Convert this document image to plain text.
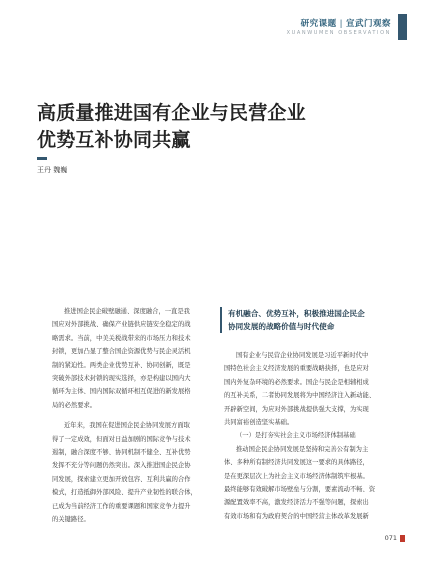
研究课题 | 宣武门观察
XUANWUMEN OBSERVATION
高质量推进国有企业与民营企业
优势互补协同共赢
王丹 魏巍

推进国企民企破壁融通、深度融合，一直是我
国应对外部挑战、确保产业链供应链安全稳定的战
略需求。当前，中美关税战带来的市场压力和技术
封锁，更加凸显了整合国企资源优势与民企灵活机
制的紧迫性。两类企业优势互补、协同创新，既是
突破外部技术封锁的现实选择，亦是构建以国内大
循环为主体、国内国际双循环相互促进的新发展格
局的必然要求。

近年来，我国在促进国企民企协同发展方面取
得了一定成效，但面对日益加剧的国际竞争与技术
遏制，融合深度不够、协同机制不健全、互补优势
发挥不充分等问题仍然突出。深入推进国企民企协
同发展，探索建立更加开放包容、互利共赢的合作
模式，打造抵御外部风险、提升产业韧性的联合体，
已成为当前经济工作的重要课题和国家竞争力提升
的关键路径。

有机融合、优势互补，积极推进国企民企
协同发展的战略价值与时代使命

国有企业与民营企业协同发展是习近平新时代中
国特色社会主义经济发展的重要战略抉择，也是应对
国内外复杂环境的必然要求。国企与民企是相辅相成
的互补关系，二者协同发展将为中国经济注入新动能、
开辟新空间，为应对外部挑战提供强大支撑，为实现
共同富裕创造坚实基础。

（一）是打夯实社会主义市场经济体制基础

推动国企民企协同发展是坚持和完善公有制为主
体、多种所有制经济共同发展这一要求的具体路径，
是在更深层次上为社会主义市场经济体制筑牢根基。
最终能够有效破解市场壁垒与分割，要素流动不畅、资
源配置效率不高，激发经济活力不强等问题，探索出
有效市场和有为政府契合的中国经营主体改革发展新

071
